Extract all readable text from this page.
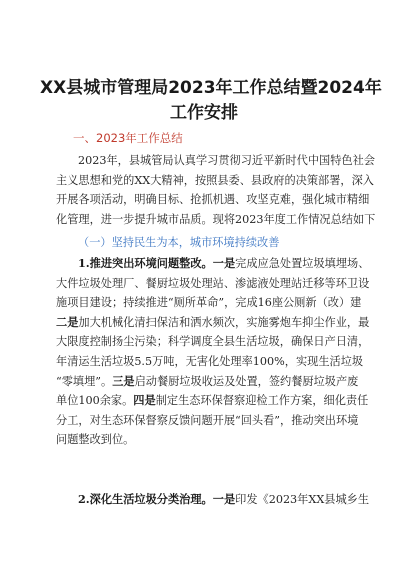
XX县城市管理局2023年工作总结暨2024年
工作安排
一、2023年工作总结

2023年，县城管局认真学习贯彻习近平新时代中国特色社会
主义思想和党的XX大精神，按照县委、县政府的决策部署，深入
开展各项活动，明确目标、抢抓机遇、攻坚克难，强化城市精细
化管理，进一步提升城市品质。现将2023年度工作情况总结如下

（一）坚持民生为本，城市环境持续改善

1.推进突出环境问题整改。一是完成应急处置垃圾填埋场、
大件垃圾处理厂、餐厨垃圾处理站、渗滤液处理站迁移等环卫设
施项目建设；持续推进“厕所革命”，完成16座公厕新（改）建
二是加大机械化清扫保洁和洒水频次，实施雾炮车抑尘作业，最
大限度控制扬尘污染；科学调度全县生活垃圾，确保日产日清，
年清运生活垃圾5.5万吨，无害化处理率100%，实现生活垃圾
“零填埋”。三是启动餐厨垃圾收运及处置，签约餐厨垃圾产废
单位100余家。四是制定生态环保督察迎检工作方案，细化责任
分工，对生态环保督察反馈问题开展“回头看”，推动突出环境
问题整改到位。

2.深化生活垃圾分类治理。一是印发《2023年XX县城乡生
